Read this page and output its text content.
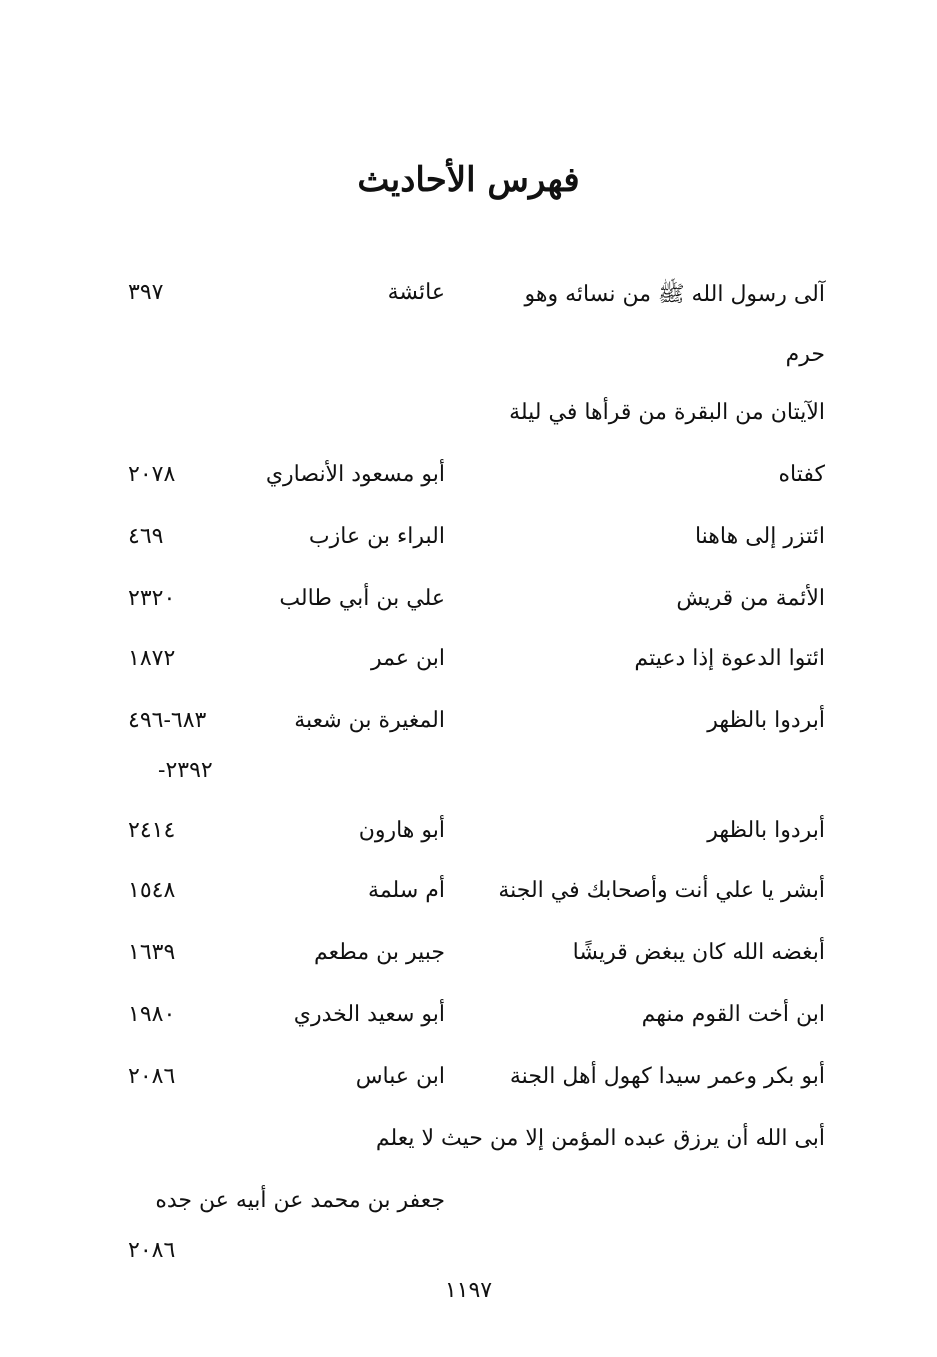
فهرس الأحاديث
آلى رسول الله ﷺ من نسائه وهو
عائشة
٣٩٧
حرم
الآيتان من البقرة من قرأها في ليلة
كفتاه
أبو مسعود الأنصاري
٢٠٧٨
ائتزر إلى هاهنا
البراء بن عازب
٤٦٩
الأئمة من قريش
علي بن أبي طالب
٢٣٢٠
ائتوا الدعوة إذا دعيتم
ابن عمر
١٨٧٢
أبردوا بالظهر
المغيرة بن شعبة
٦٨٣-٤٩٦
-٢٣٩٢
أبردوا بالظهر
أبو هارون
٢٤١٤
أبشر يا علي أنت وأصحابك في الجنة
أم سلمة
١٥٤٨
أبغضه الله كان يبغض قريشًا
جبير بن مطعم
١٦٣٩
ابن أخت القوم منهم
أبو سعيد الخدري
١٩٨٠
أبو بكر وعمر سيدا كهول أهل الجنة
ابن عباس
٢٠٨٦
أبى الله أن يرزق عبده المؤمن إلا من حيث لا يعلم
جعفر بن محمد عن أبيه عن جده
٢٠٨٦
١١٩٧
